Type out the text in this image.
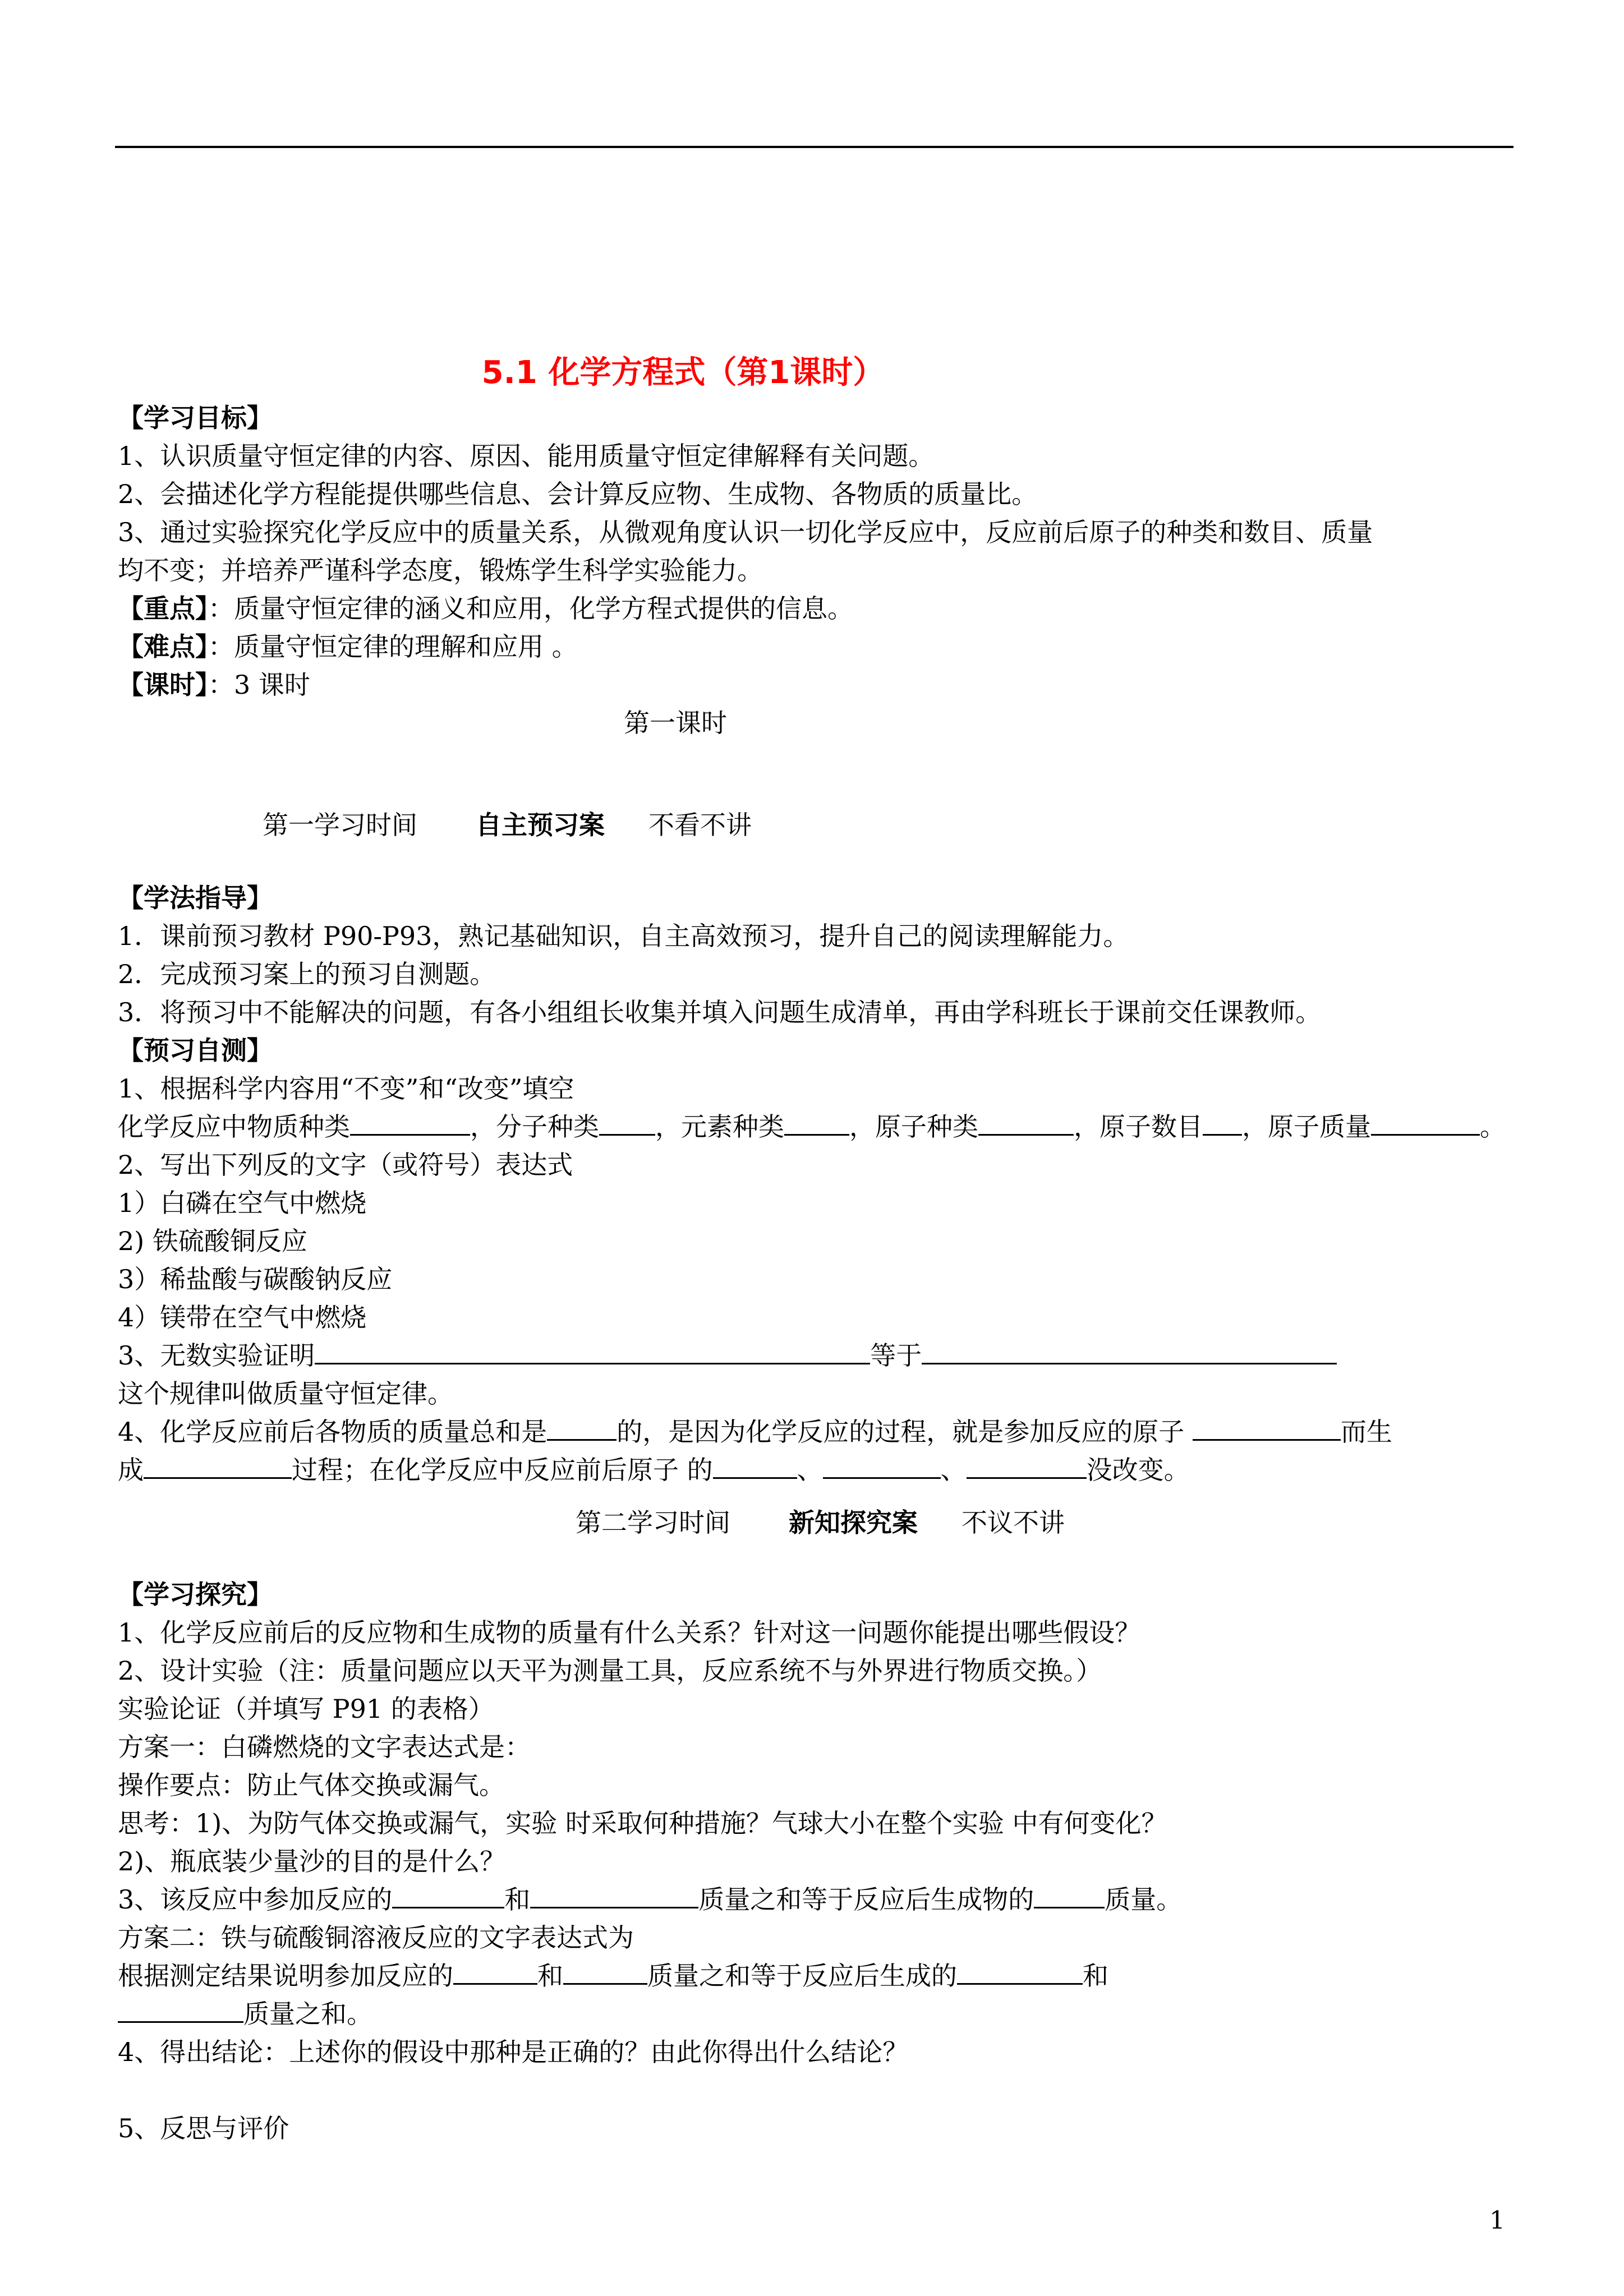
5.1 化学方程式（第1课时）
【学习目标】
1、认识质量守恒定律的内容、原因、能用质量守恒定律解释有关问题。
2、会描述化学方程能提供哪些信息、会计算反应物、生成物、各物质的质量比。
3、通过实验探究化学反应中的质量关系，从微观角度认识一切化学反应中，反应前后原子的种类和数目、质量
均不变；并培养严谨科学态度，锻炼学生科学实验能力。
【重点】：质量守恒定律的涵义和应用，化学方程式提供的信息。
【难点】：质量守恒定律的理解和应用 。
【课时】：3 课时
第一课时
第一学习时间 自主预习案 不看不讲
【学法指导】
1．课前预习教材 P90-P93，熟记基础知识，自主高效预习，提升自己的阅读理解能力。
2．完成预习案上的预习自测题。
3．将预习中不能解决的问题，有各小组组长收集并填入问题生成清单，再由学科班长于课前交任课教师。
【预习自测】
1、根据科学内容用“不变”和“改变”填空
化学反应中物质种类	，分子种类 ，元素种类	，原子种类	，原子数目 ，原子质量	。
2、写出下列反的文字（或符号）表达式
1）白磷在空气中燃烧
2) 铁硫酸铜反应
3）稀盐酸与碳酸钠反应
4）镁带在空气中燃烧
3、无数实验证明	等于
这个规律叫做质量守恒定律。
4、化学反应前后各物质的质量总和是	的，是因为化学反应的过程，就是参加反应的原子	而生
成	过程；在化学反应中反应前后原子 的	、	、	没改变。
第二学习时间 新知探究案 不议不讲
【学习探究】
1、化学反应前后的反应物和生成物的质量有什么关系？针对这一问题你能提出哪些假设？
2、设计实验（注：质量问题应以天平为测量工具，反应系统不与外界进行物质交换。）
实验论证（并填写 P91 的表格）
方案一：白磷燃烧的文字表达式是：
操作要点：防止气体交换或漏气。
思考：1)、为防气体交换或漏气，实验 时采取何种措施？气球大小在整个实验 中有何变化？
2)、瓶底装少量沙的目的是什么？
3、该反应中参加反应的	和	质量之和等于反应后生成物的	质量。
方案二：铁与硫酸铜溶液反应的文字表达式为
根据测定结果说明参加反应的	和	质量之和等于反应后生成的	和
质量之和。
4、得出结论：上述你的假设中那种是正确的？由此你得出什么结论？
5、反思与评价
1
